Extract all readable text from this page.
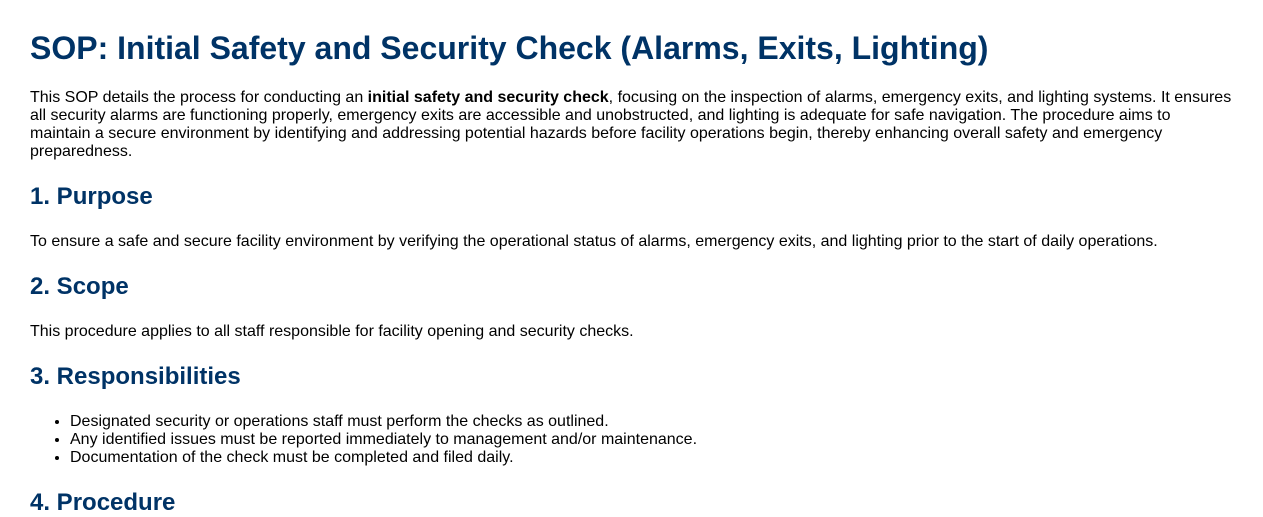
SOP: Initial Safety and Security Check (Alarms, Exits, Lighting)

This SOP details the process for conducting an initial safety and security check, focusing on the inspection of alarms, emergency exits, and lighting systems. It ensures all security alarms are functioning properly, emergency exits are accessible and unobstructed, and lighting is adequate for safe navigation. The procedure aims to maintain a secure environment by identifying and addressing potential hazards before facility operations begin, thereby enhancing overall safety and emergency preparedness.

1. Purpose

To ensure a safe and secure facility environment by verifying the operational status of alarms, emergency exits, and lighting prior to the start of daily operations.

2. Scope

This procedure applies to all staff responsible for facility opening and security checks.

3. Responsibilities
• Designated security or operations staff must perform the checks as outlined.
• Any identified issues must be reported immediately to management and/or maintenance.
• Documentation of the check must be completed and filed daily.
4. Procedure
